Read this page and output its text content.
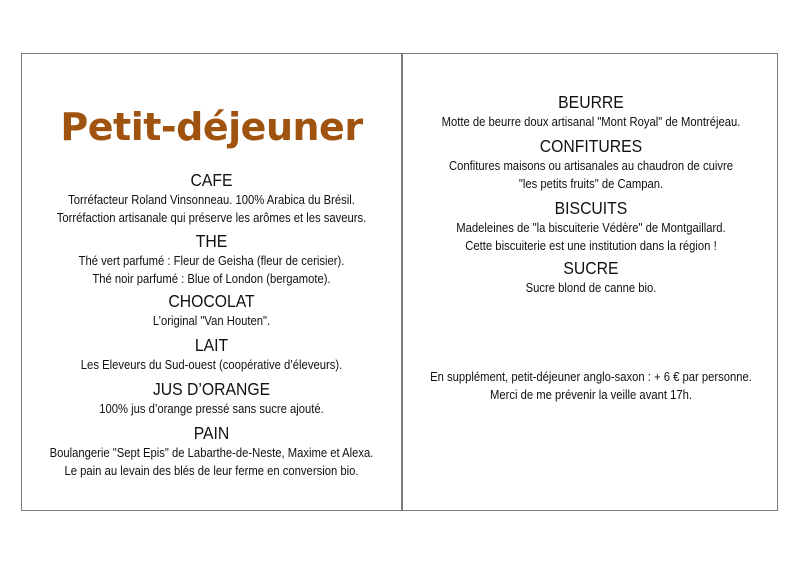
Petit-déjeuner

CAFE

Torréfacteur Roland Vinsonneau. 100% Arabica du Brésil.

Torréfaction artisanale qui préserve les arômes et les saveurs.

THE

Thé vert parfumé : Fleur de Geisha (fleur de cerisier).

Thé noir parfumé : Blue of London (bergamote).

CHOCOLAT

L’original "Van Houten".

LAIT

Les Eleveurs du Sud-ouest (coopérative d’éleveurs).

JUS D’ORANGE

100% jus d’orange pressé sans sucre ajouté.

PAIN

Boulangerie "Sept Epis" de Labarthe-de-Neste, Maxime et Alexa.

Le pain au levain des blés de leur ferme en conversion bio.

BEURRE

Motte de beurre doux artisanal "Mont Royal" de Montréjeau.

CONFITURES

Confitures maisons ou artisanales au chaudron de cuivre

"les petits fruits" de Campan.

BISCUITS

Madeleines de "la biscuiterie Védère" de Montgaillard.

Cette biscuiterie est une institution dans la région !

SUCRE

Sucre blond de canne bio.

En supplément, petit-déjeuner anglo-saxon : + 6 € par personne.

Merci de me prévenir la veille avant 17h.
